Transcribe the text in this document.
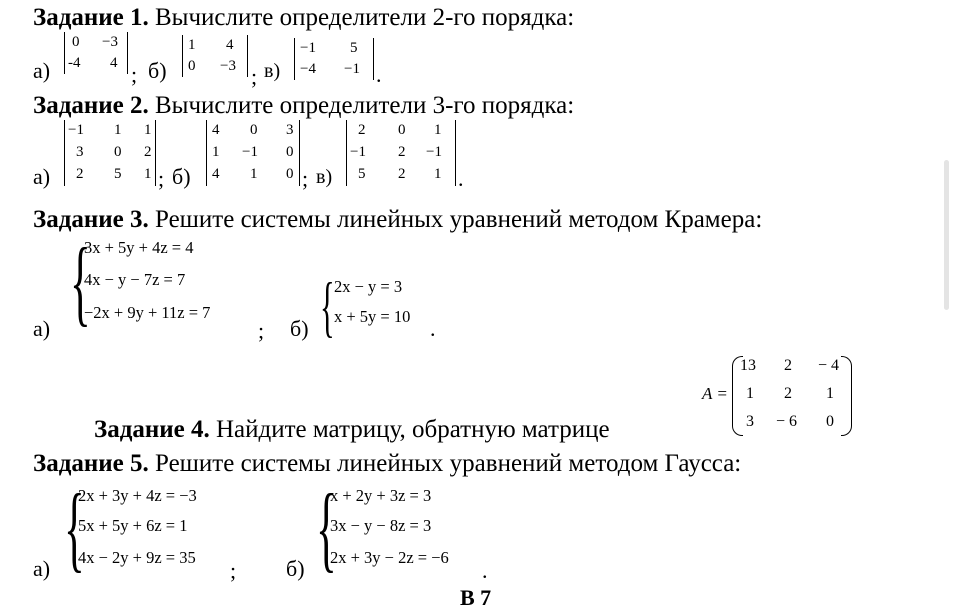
Задание 1. Вычислите определители 2-го порядка:
а)
0 −3
-4 4 ; б)
1 4
0 −3 ; в)
−1 5
−4 −1 .
Задание 2. Вычислите определители 3-го порядка:
а)
−1 1 1
3 0 2
2 5 1 ; б)
4 0 3
1 −1 0
4 1 0 ; в)
2 0 1
−1 2 −1
5 2 1 .
Задание 3. Решите системы линейных уравнений методом Крамера:
а) {
3x + 5y + 4z = 4
4x − y − 7z = 7
−2x + 9y + 11z = 7
; б) { 2x − y = 3
x + 5y = 10 .
Задание 4. Найдите матрицу, обратную матрице
A =
13 2 − 4
1 2 1
3 − 6 0
Задание 5. Решите системы линейных уравнений методом Гаусса:
а) {
2x + 3y + 4z = −3
5x + 5y + 6z = 1
4x − 2y + 9z = 35
; б) {
x + 2y + 3z = 3
3x − y − 8z = 3
2x + 3y − 2z = −6
.
В 7
